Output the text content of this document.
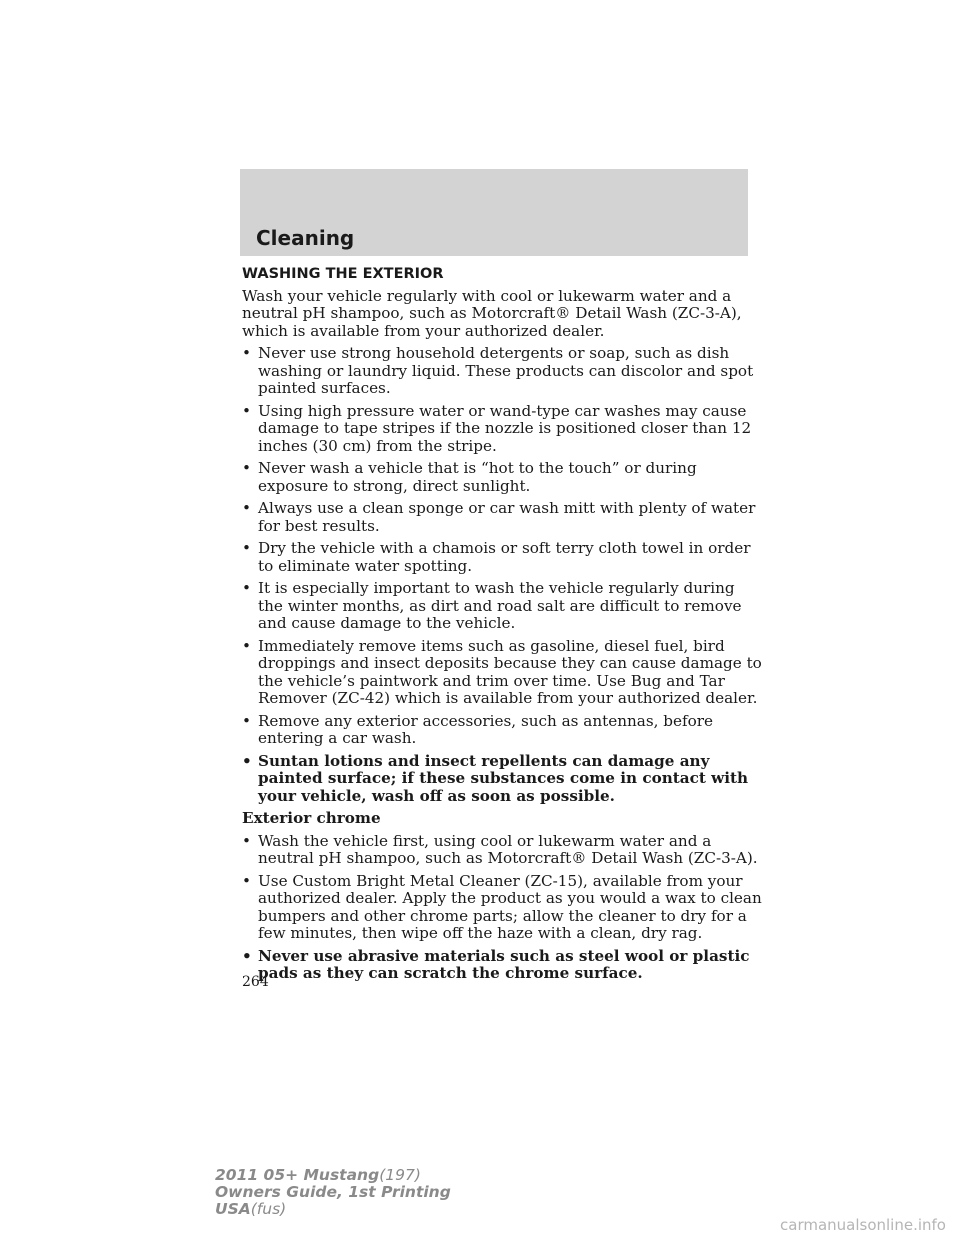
Cleaning
WASHING THE EXTERIOR

Wash your vehicle regularly with cool or lukewarm water and a neutral pH shampoo, such as Motorcraft® Detail Wash (ZC-3-A), which is available from your authorized dealer.

• Never use strong household detergents or soap, such as dish washing or laundry liquid. These products can discolor and spot painted surfaces.
• Using high pressure water or wand-type car washes may cause damage to tape stripes if the nozzle is positioned closer than 12 inches (30 cm) from the stripe.
• Never wash a vehicle that is “hot to the touch” or during exposure to strong, direct sunlight.
• Always use a clean sponge or car wash mitt with plenty of water for best results.
• Dry the vehicle with a chamois or soft terry cloth towel in order to eliminate water spotting.
• It is especially important to wash the vehicle regularly during the winter months, as dirt and road salt are difficult to remove and cause damage to the vehicle.
• Immediately remove items such as gasoline, diesel fuel, bird droppings and insect deposits because they can cause damage to the vehicle’s paintwork and trim over time. Use Bug and Tar Remover (ZC-42) which is available from your authorized dealer.
• Remove any exterior accessories, such as antennas, before entering a car wash.
• Suntan lotions and insect repellents can damage any painted surface; if these substances come in contact with your vehicle, wash off as soon as possible.
Exterior chrome
• Wash the vehicle first, using cool or lukewarm water and a neutral pH shampoo, such as Motorcraft® Detail Wash (ZC-3-A).
• Use Custom Bright Metal Cleaner (ZC-15), available from your authorized dealer. Apply the product as you would a wax to clean bumpers and other chrome parts; allow the cleaner to dry for a few minutes, then wipe off the haze with a clean, dry rag.
• Never use abrasive materials such as steel wool or plastic pads as they can scratch the chrome surface.
264
2011 05+ Mustang(197)
Owners Guide, 1st Printing
USA(fus)
carmanualsonline.info
